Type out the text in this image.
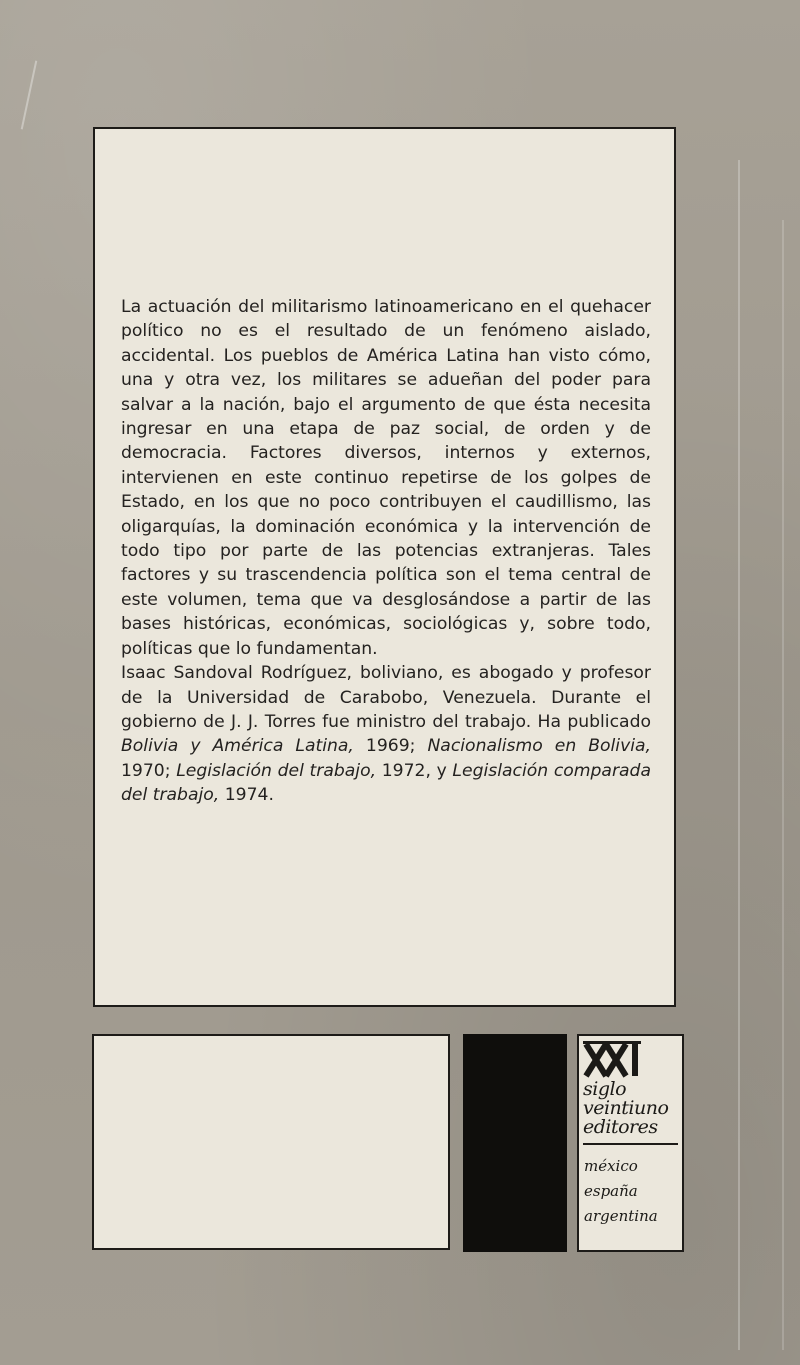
La actuación del militarismo latinoamericano en el quehacer político no es el resultado de un fenómeno aislado, accidental. Los pueblos de América Latina han visto cómo, una y otra vez, los militares se adueñan del poder para salvar a la nación, bajo el argumento de que ésta necesita ingresar en una etapa de paz social, de orden y de democracia. Factores diversos, internos y externos, intervienen en este continuo repetirse de los golpes de Estado, en los que no poco contribuyen el caudillismo, las oligarquías, la dominación económica y la intervención de todo tipo por parte de las potencias extranjeras. Tales factores y su trascendencia política son el tema central de este volumen, tema que va desglosándose a partir de las bases históricas, económicas, sociológicas y, sobre todo, políticas que lo fundamentan.

Isaac Sandoval Rodríguez, boliviano, es abogado y profesor de la Universidad de Carabobo, Venezuela. Durante el gobierno de J. J. Torres fue ministro del trabajo. Ha publicado Bolivia y América Latina, 1969; Nacionalismo en Bolivia, 1970; Legislación del trabajo, 1972, y Legislación comparada del trabajo, 1974.

siglo
veintiuno
editores
méxico
españa
argentina
